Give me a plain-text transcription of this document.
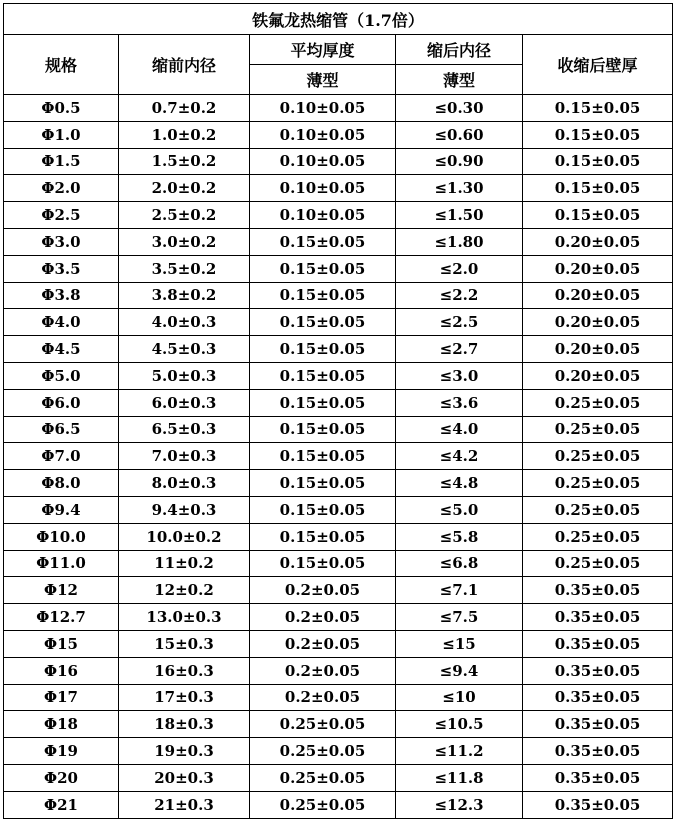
铁氟龙热缩管（1.7倍）				
规格	缩前内径	平均厚度	缩后内径	收缩后壁厚
		薄型	薄型	
Φ0.5	0.7±0.2	0.10±0.05	≤0.30	0.15±0.05
Φ1.0	1.0±0.2	0.10±0.05	≤0.60	0.15±0.05
Φ1.5	1.5±0.2	0.10±0.05	≤0.90	0.15±0.05
Φ2.0	2.0±0.2	0.10±0.05	≤1.30	0.15±0.05
Φ2.5	2.5±0.2	0.10±0.05	≤1.50	0.15±0.05
Φ3.0	3.0±0.2	0.15±0.05	≤1.80	0.20±0.05
Φ3.5	3.5±0.2	0.15±0.05	≤2.0	0.20±0.05
Φ3.8	3.8±0.2	0.15±0.05	≤2.2	0.20±0.05
Φ4.0	4.0±0.3	0.15±0.05	≤2.5	0.20±0.05
Φ4.5	4.5±0.3	0.15±0.05	≤2.7	0.20±0.05
Φ5.0	5.0±0.3	0.15±0.05	≤3.0	0.20±0.05
Φ6.0	6.0±0.3	0.15±0.05	≤3.6	0.25±0.05
Φ6.5	6.5±0.3	0.15±0.05	≤4.0	0.25±0.05
Φ7.0	7.0±0.3	0.15±0.05	≤4.2	0.25±0.05
Φ8.0	8.0±0.3	0.15±0.05	≤4.8	0.25±0.05
Φ9.4	9.4±0.3	0.15±0.05	≤5.0	0.25±0.05
Φ10.0	10.0±0.2	0.15±0.05	≤5.8	0.25±0.05
Φ11.0	11±0.2	0.15±0.05	≤6.8	0.25±0.05
Φ12	12±0.2	0.2±0.05	≤7.1	0.35±0.05
Φ12.7	13.0±0.3	0.2±0.05	≤7.5	0.35±0.05
Φ15	15±0.3	0.2±0.05	≤15	0.35±0.05
Φ16	16±0.3	0.2±0.05	≤9.4	0.35±0.05
Φ17	17±0.3	0.2±0.05	≤10	0.35±0.05
Φ18	18±0.3	0.25±0.05	≤10.5	0.35±0.05
Φ19	19±0.3	0.25±0.05	≤11.2	0.35±0.05
Φ20	20±0.3	0.25±0.05	≤11.8	0.35±0.05
Φ21	21±0.3	0.25±0.05	≤12.3	0.35±0.05
